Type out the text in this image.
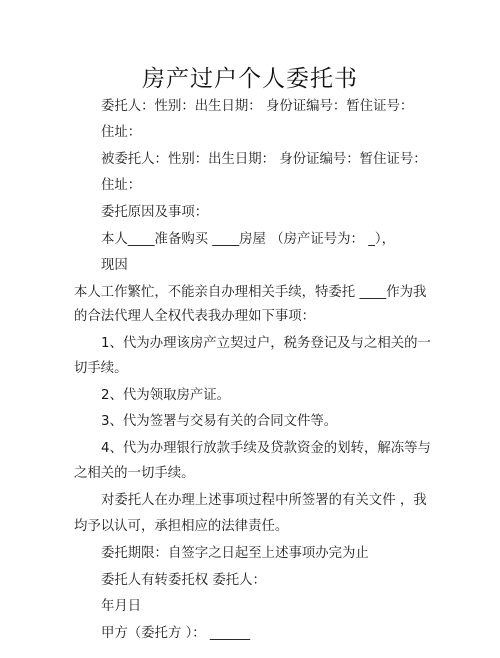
房产过户个人委托书
委托人：性别：出生日期： 身份证编号：暂住证号：
住址：
被委托人：性别：出生日期： 身份证编号：暂住证号：
住址：
委托原因及事项：
本人____准备购买 ____房屋 （房产证号为： _），
现因
本人工作繁忙，不能亲自办理相关手续，特委托 ____作为我
的合法代理人全权代表我办理如下事项：
1、代为办理该房产立契过户，税务登记及与之相关的一
切手续。
2、代为领取房产证。
3、代为签署与交易有关的合同文件等。
4、代为办理银行放款手续及贷款资金的划转，解冻等与
之相关的一切手续。
对委托人在办理上述事项过程中所签署的有关文件 ，我
均予以认可，承担相应的法律责任。
委托期限：自签字之日起至上述事项办完为止
委托人有转委托权 委托人：
年月日
甲方（委托方 ）： ______
